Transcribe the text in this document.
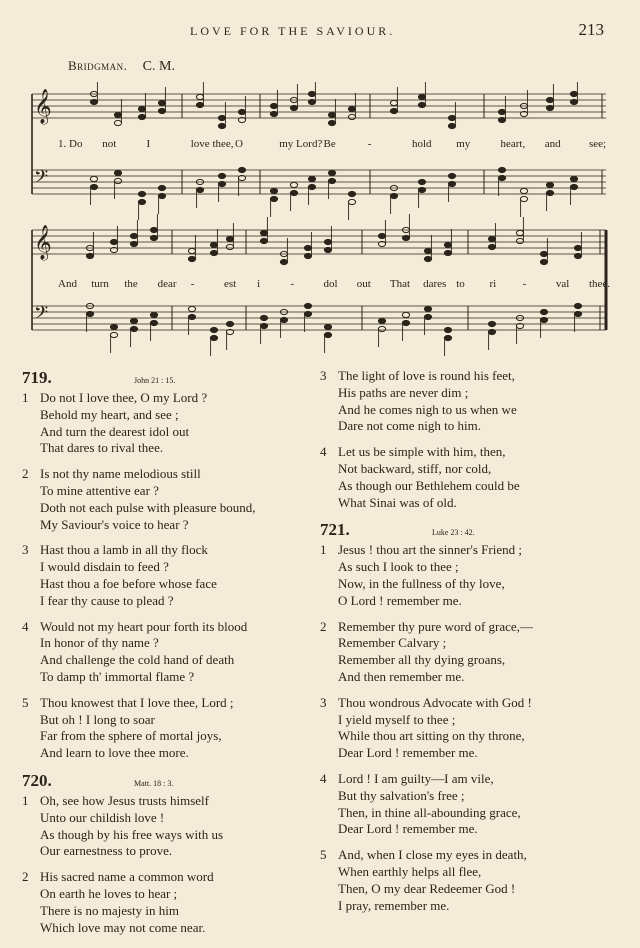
LOVE FOR THE SAVIOUR.	213
Bridgman. C. M.
𝄞
𝄢
𝄞
𝄢
1. Do not	I	love thee, O	my Lord? Be	-	hold my	heart, and	see;
And turn the dear -	est i	-	dol out That dares to ri -	val thee.
719.	John 21 : 15.
1 Do not I love thee, O my Lord ?
Behold my heart, and see ;
And turn the dearest idol out
That dares to rival thee.
2 Is not thy name melodious still
To mine attentive ear ?
Doth not each pulse with pleasure bound,
My Saviour's voice to hear ?
3 Hast thou a lamb in all thy flock
I would disdain to feed ?
Hast thou a foe before whose face
I fear thy cause to plead ?
4 Would not my heart pour forth its blood
In honor of thy name ?
And challenge the cold hand of death
To damp th' immortal flame ?
5 Thou knowest that I love thee, Lord ;
But oh ! I long to soar
Far from the sphere of mortal joys,
And learn to love thee more.
720.	Matt. 18 : 3.
1 Oh, see how Jesus trusts himself
Unto our childish love !
As though by his free ways with us
Our earnestness to prove.
2 His sacred name a common word
On earth he loves to hear ;
There is no majesty in him
Which love may not come near.
3 The light of love is round his feet,
His paths are never dim ;
And he comes nigh to us when we
Dare not come nigh to him.
4 Let us be simple with him, then,
Not backward, stiff, nor cold,
As though our Bethlehem could be
What Sinai was of old.
721.	Luke 23 : 42.
1 Jesus ! thou art the sinner's Friend ;
As such I look to thee ;
Now, in the fullness of thy love,
O Lord ! remember me.
2 Remember thy pure word of grace,—
Remember Calvary ;
Remember all thy dying groans,
And then remember me.
3 Thou wondrous Advocate with God !
I yield myself to thee ;
While thou art sitting on thy throne,
Dear Lord ! remember me.
4 Lord ! I am guilty—I am vile,
But thy salvation's free ;
Then, in thine all-abounding grace,
Dear Lord ! remember me.
5 And, when I close my eyes in death,
When earthly helps all flee,
Then, O my dear Redeemer God !
I pray, remember me.
